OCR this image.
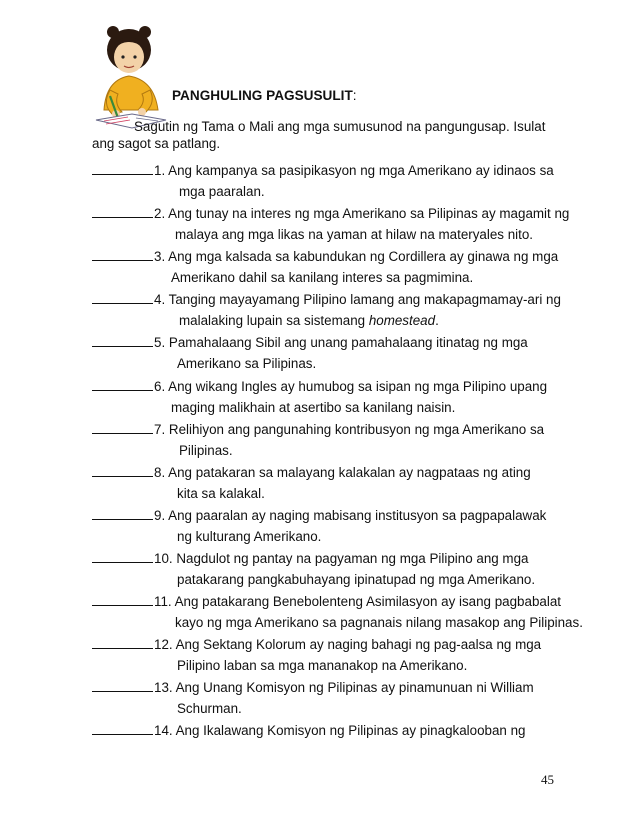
PANGHULING PAGSUSULIT:
Sagutin ng Tama o Mali ang mga sumusunod na pangungusap. Isulat ang sagot sa patlang.
1. Ang kampanya sa pasipikasyon ng mga Amerikano ay idinaos sa
mga paaralan.
2. Ang tunay na interes ng mga Amerikano sa Pilipinas ay magamit ng
malaya ang mga likas na yaman at hilaw na materyales nito.
3. Ang mga kalsada sa kabundukan ng Cordillera ay ginawa ng mga
Amerikano dahil sa kanilang interes sa pagmimina.
4. Tanging mayayamang Pilipino lamang ang makapagmamay-ari ng
malalaking lupain sa sistemang homestead.
5. Pamahalaang Sibil ang unang pamahalaang itinatag ng mga
Amerikano sa Pilipinas.
6. Ang wikang Ingles ay humubog sa isipan ng mga Pilipino upang
maging malikhain at asertibo sa kanilang naisin.
7. Relihiyon ang pangunahing kontribusyon ng mga Amerikano sa
Pilipinas.
8. Ang patakaran sa malayang kalakalan ay nagpataas ng ating
kita sa kalakal.
9. Ang paaralan ay naging mabisang institusyon sa pagpapalawak
ng kulturang Amerikano.
10. Nagdulot ng pantay na pagyaman ng mga Pilipino ang mga
patakarang pangkabuhayang ipinatupad ng mga Amerikano.
11. Ang patakarang Benebolenteng Asimilasyon ay isang pagbabalat
kayo ng mga Amerikano sa pagnanais nilang masakop ang Pilipinas.
12. Ang Sektang Kolorum ay naging bahagi ng pag-aalsa ng mga
Pilipino laban sa mga mananakop na Amerikano.
13. Ang Unang Komisyon ng Pilipinas ay pinamunuan ni William
Schurman.
14. Ang Ikalawang Komisyon ng Pilipinas ay pinagkalooban ng
45
